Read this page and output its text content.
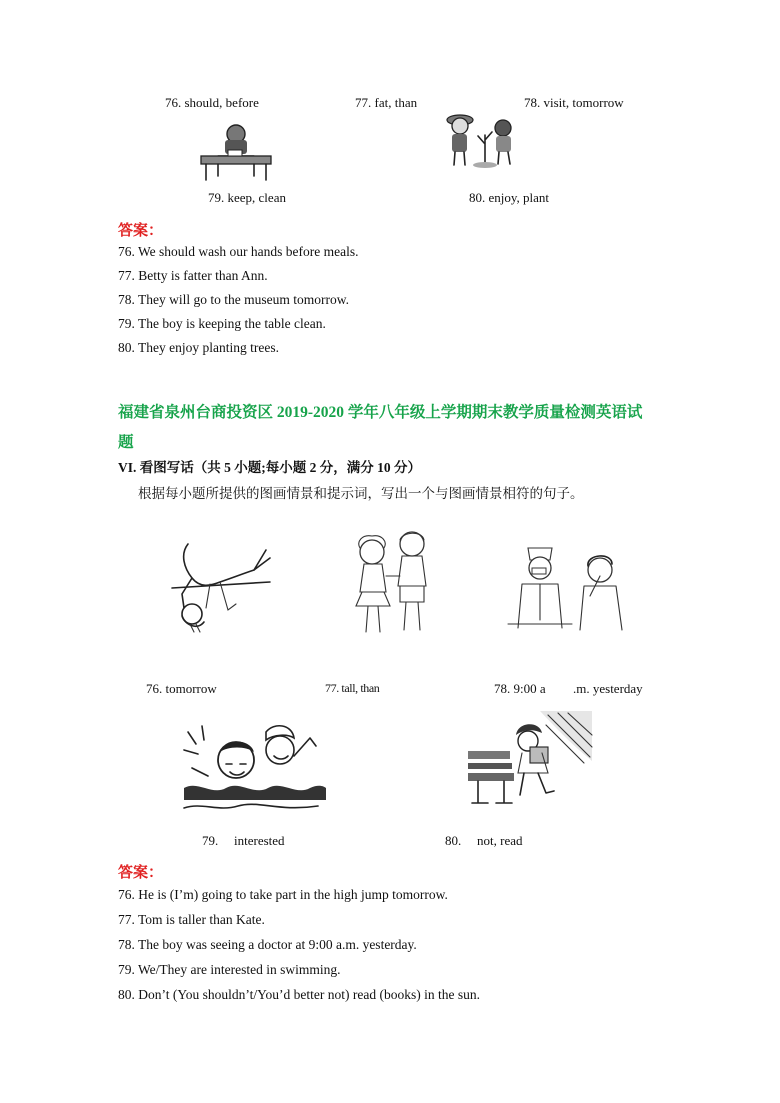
76. should, before	77. fat, than	78. visit, tomorrow
79. keep, clean	80. enjoy, plant
答案：
76. We should wash our hands before meals.
77. Betty is fatter than Ann.
78. They will go to the museum tomorrow.
79. The boy is keeping the table clean.
80. They enjoy planting trees.
福建省泉州台商投资区 2019-2020 学年八年级上学期期末教学质量检测英语试
题
VI. 看图写话（共 5 小题;每小题 2 分，满分 10 分）
根据每小题所提供的图画情景和提示词，写出一个与图画情景相符的句子。
76. tomorrow	77. tall, than	78. 9:00 a .m. yesterday
79. interested	80. not, read
答案：
76. He is (I’m) going to take part in the high jump tomorrow.
77. Tom is taller than Kate.
78. The boy was seeing a doctor at 9:00 a.m. yesterday.
79. We/They are interested in swimming.
80. Don’t (You shouldn’t/You’d better not) read (books) in the sun.
